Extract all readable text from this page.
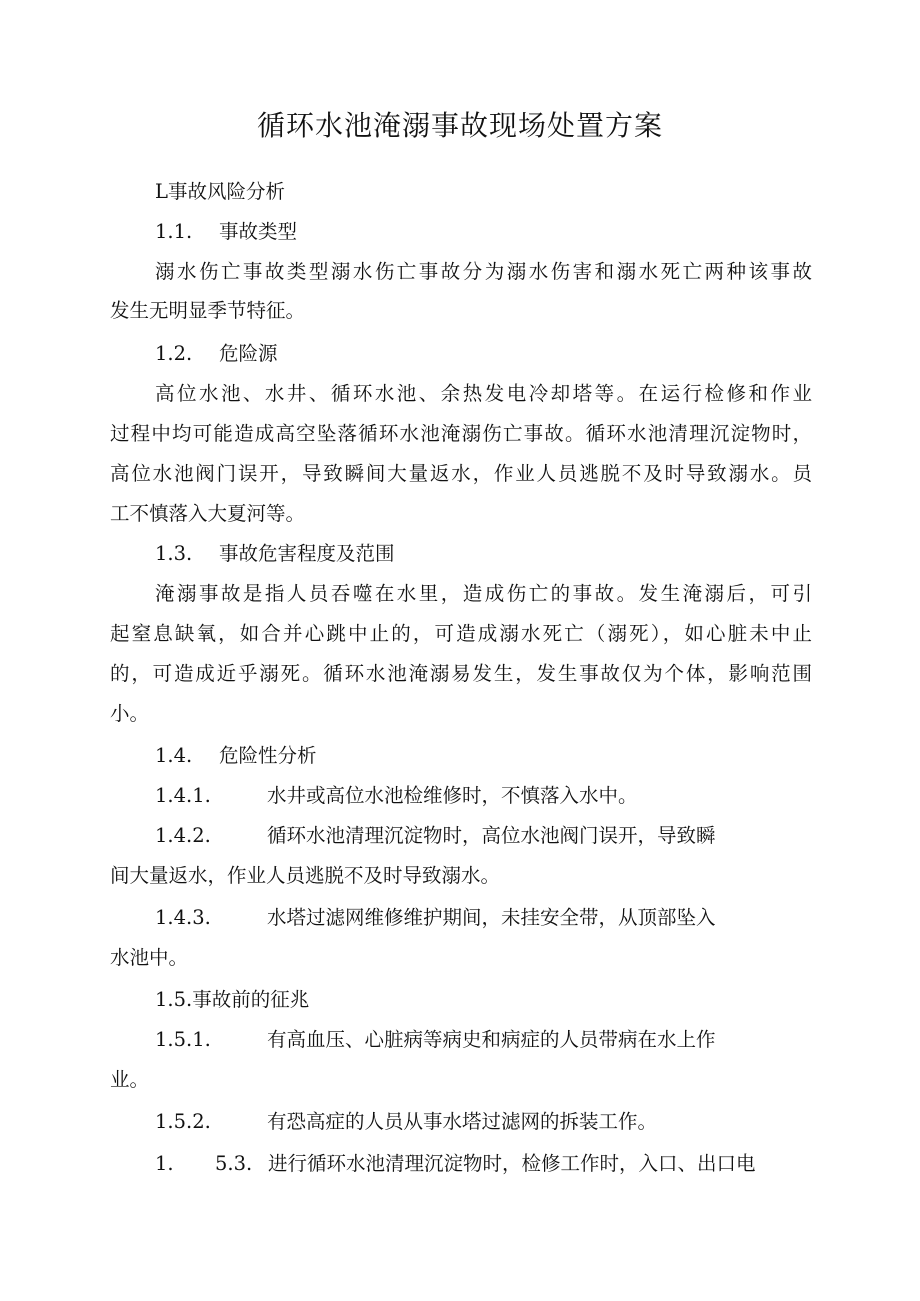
循环水池淹溺事故现场处置方案

L事故风险分析

1.1. 事故类型

溺水伤亡事故类型溺水伤亡事故分为溺水伤害和溺水死亡两种该事故

发生无明显季节特征。

1.2. 危险源

高位水池、水井、循环水池、余热发电冷却塔等。在运行检修和作业

过程中均可能造成高空坠落循环水池淹溺伤亡事故。循环水池清理沉淀物时，

高位水池阀门误开，导致瞬间大量返水，作业人员逃脱不及时导致溺水。员

工不慎落入大夏河等。

1.3. 事故危害程度及范围

淹溺事故是指人员吞噬在水里，造成伤亡的事故。发生淹溺后，可引

起窒息缺氧，如合并心跳中止的，可造成溺水死亡（溺死），如心脏未中止

的，可造成近乎溺死。循环水池淹溺易发生，发生事故仅为个体，影响范围

小。

1.4. 危险性分析

1.4.1.	水井或高位水池检维修时，不慎落入水中。

1.4.2.	循环水池清理沉淀物时，高位水池阀门误开，导致瞬

间大量返水，作业人员逃脱不及时导致溺水。

1.4.3.	水塔过滤网维修维护期间，未挂安全带，从顶部坠入

水池中。

1.5.事故前的征兆

1.5.1.	有高血压、心脏病等病史和病症的人员带病在水上作

业。

1.5.2.	有恐高症的人员从事水塔过滤网的拆装工作。

1. 5.3. 进行循环水池清理沉淀物时，检修工作时，入口、出口电
